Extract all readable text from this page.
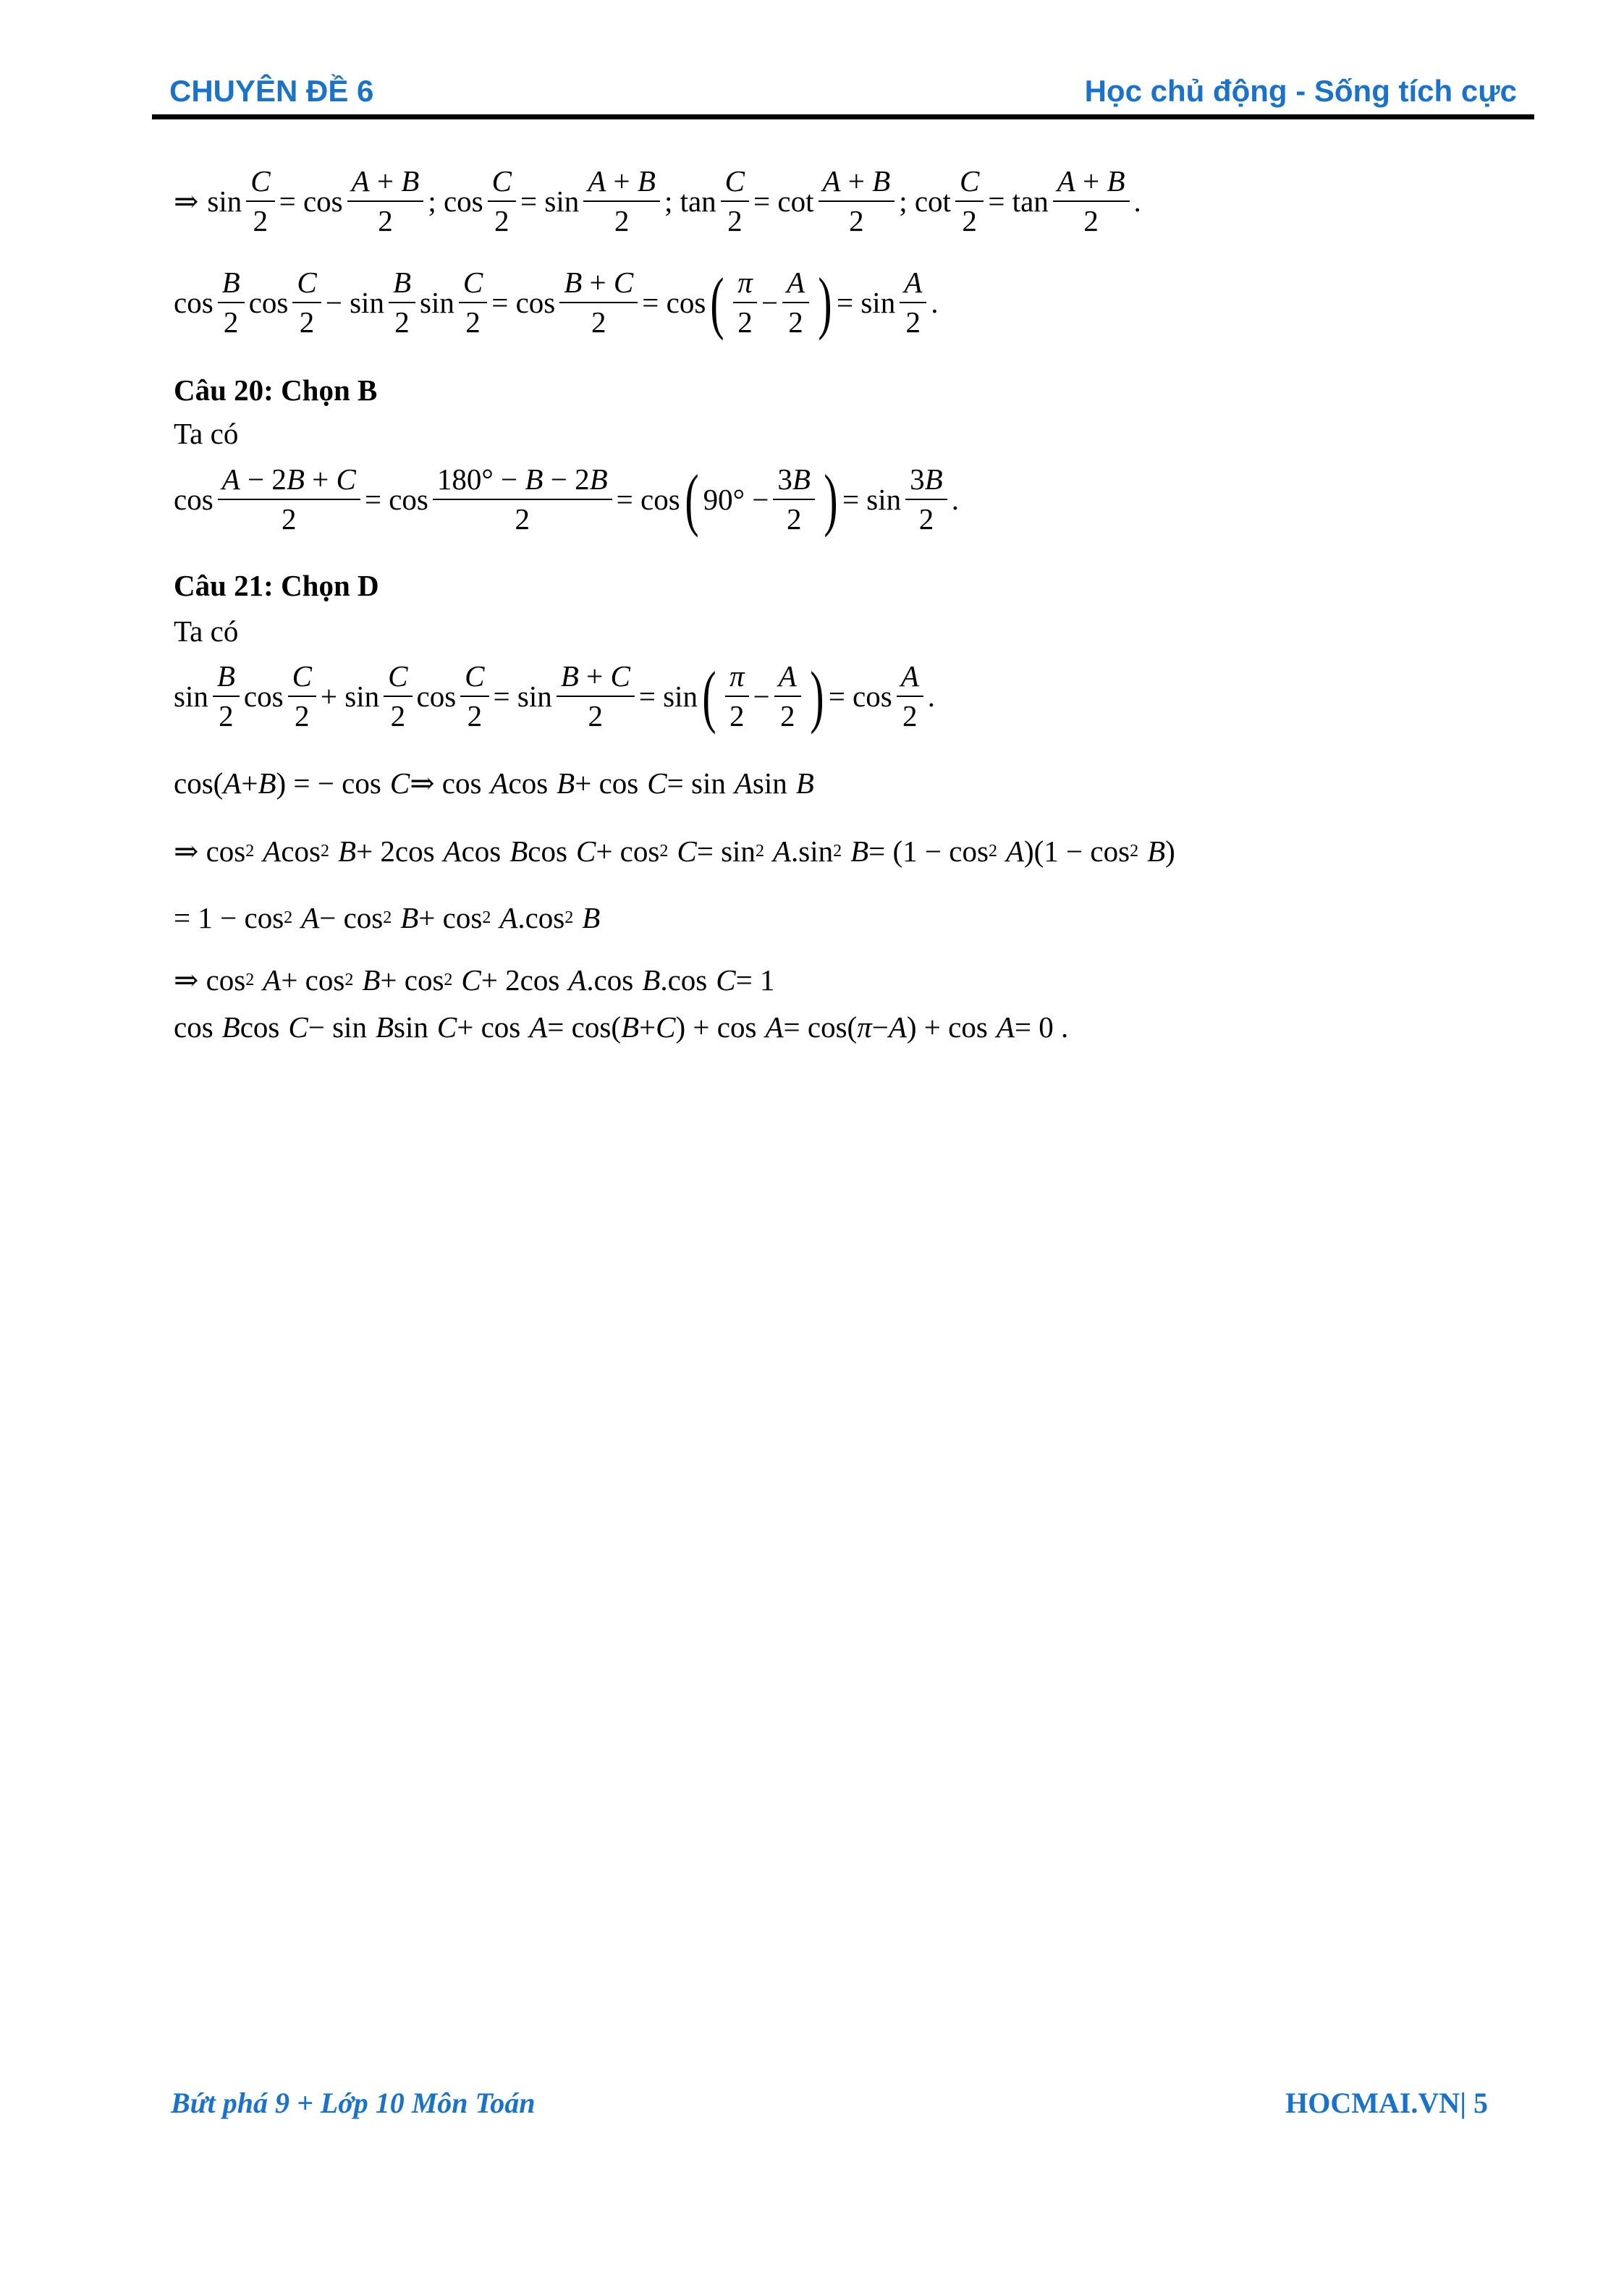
CHUYÊN ĐỀ 6	Học chủ động - Sống tích cực
⇒ $\sin \frac{C}{2} = \cos \frac{A + B}{2}$ ; $\cos \frac{C}{2} = \sin \frac{A + B}{2}$ ; $\tan \frac{C}{2} = \cot \frac{A + B}{2}$ ; $\cot \frac{C}{2} = \tan \frac{A + B}{2}$ .
$\cos \frac{B}{2}$ $\cos \frac{C}{2} - \sin \frac{B}{2}$ $\sin \frac{C}{2} = \cos \frac{B + C}{2} = \cos$ ( $\frac{\pi}{2} - \frac{A}{2}$ ) = $\sin \frac{A}{2}$ .
Câu 20: Chọn B
Ta có
$\cos \frac{A - 2B + C}{2} = \cos \frac{180^\circ - B - 2B}{2} = \cos$ ( $90^\circ - \frac{3B}{2}$ ) = $\sin \frac{3B}{2}$ .
Câu 21: Chọn D
Ta có
$\sin \frac{B}{2}$ $\cos \frac{C}{2} + \sin \frac{C}{2}$ $\cos \frac{C}{2} = \sin \frac{B + C}{2} = \sin$ ( $\frac{\pi}{2} - \frac{A}{2}$ ) = $\cos \frac{A}{2}$ .
cos( A + B ) = − cos C ⇒ cos A cos B + cos C = sin A sin B
⇒ cos 2 A cos 2 B + 2cos A cos B cos C + cos 2 C = sin 2 A .sin 2 B = (1 − cos 2 A )(1 − cos 2 B )
= 1 − cos 2 A − cos 2 B + cos 2 A .cos 2 B
⇒ cos 2 A + cos 2 B + cos 2 C + 2cos A .cos B .cos C = 1
cos B cos C − sin B sin C + cos A = cos( B + C ) + cos A = cos( π − A ) + cos A = 0 .
Bứt phá 9 + Lớp 10 Môn Toán	HOCMAI.VN| 5
